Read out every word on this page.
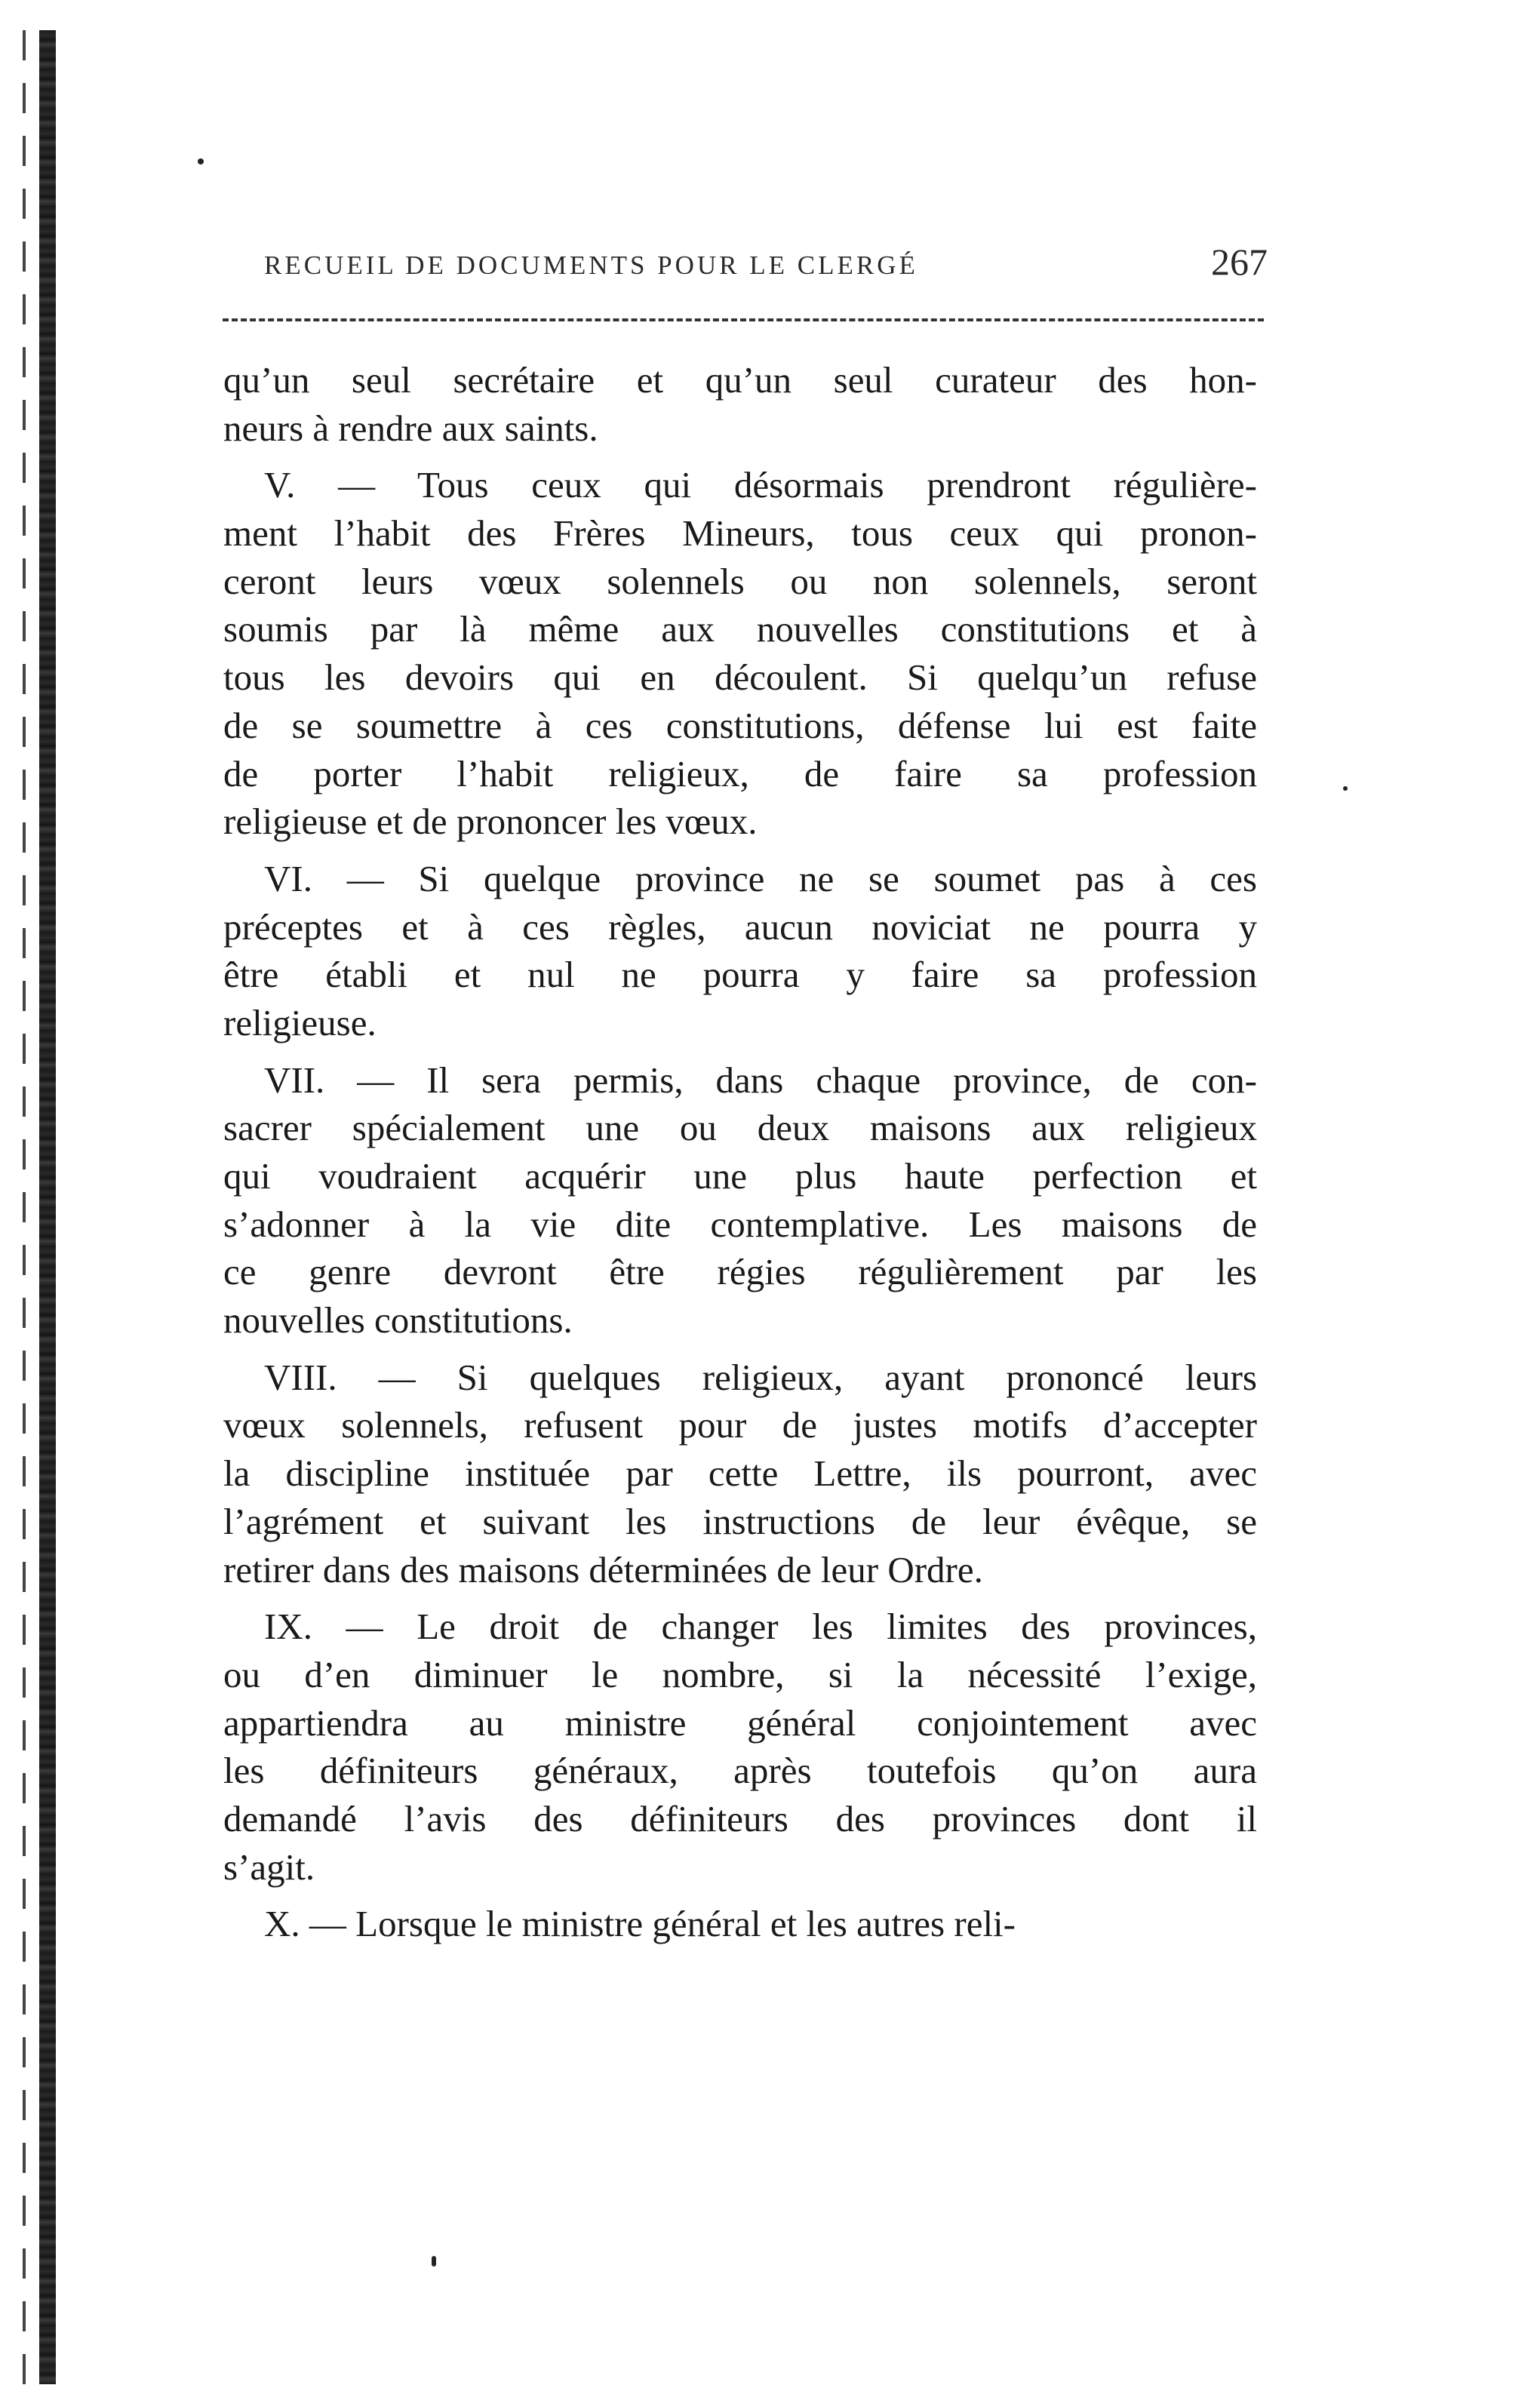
RECUEIL DE DOCUMENTS POUR LE CLERGÉ	267
qu’un seul secrétaire et qu’un seul curateur des hon-
neurs à rendre aux saints.
V. — Tous ceux qui désormais prendront régulière-
ment l’habit des Frères Mineurs, tous ceux qui pronon-
ceront leurs vœux solennels ou non solennels, seront
soumis par là même aux nouvelles constitutions et à
tous les devoirs qui en découlent. Si quelqu’un refuse
de se soumettre à ces constitutions, défense lui est faite
de porter l’habit religieux, de faire sa profession
religieuse et de prononcer les vœux.
VI. — Si quelque province ne se soumet pas à ces
préceptes et à ces règles, aucun noviciat ne pourra y
être établi et nul ne pourra y faire sa profession
religieuse.
VII. — Il sera permis, dans chaque province, de con-
sacrer spécialement une ou deux maisons aux religieux
qui voudraient acquérir une plus haute perfection et
s’adonner à la vie dite contemplative. Les maisons de
ce genre devront être régies régulièrement par les
nouvelles constitutions.
VIII. — Si quelques religieux, ayant prononcé leurs
vœux solennels, refusent pour de justes motifs d’accepter
la discipline instituée par cette Lettre, ils pourront, avec
l’agrément et suivant les instructions de leur évêque, se
retirer dans des maisons déterminées de leur Ordre.
IX. — Le droit de changer les limites des provinces,
ou d’en diminuer le nombre, si la nécessité l’exige,
appartiendra au ministre général conjointement avec
les définiteurs généraux, après toutefois qu’on aura
demandé l’avis des définiteurs des provinces dont il
s’agit.
X. — Lorsque le ministre général et les autres reli-
